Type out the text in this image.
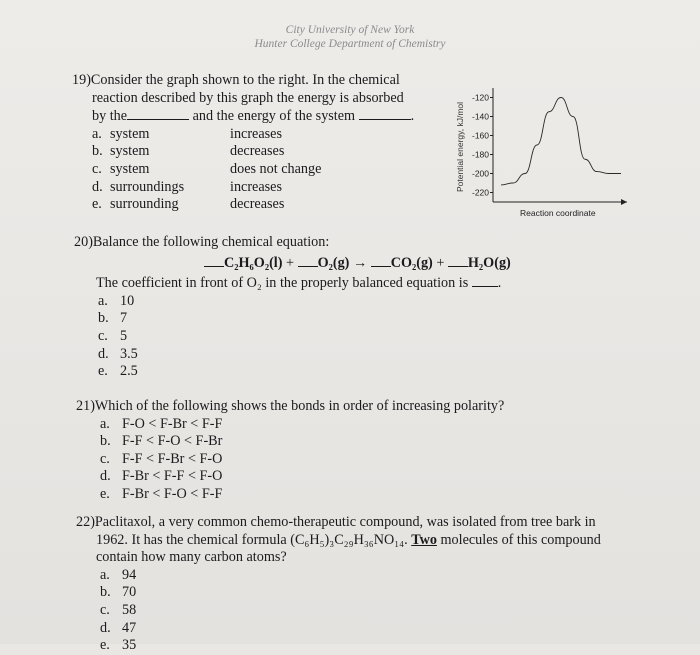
City University of New York
Hunter College Department of Chemistry
19)Consider the graph shown to the right. In the chemical
reaction described by this graph the energy is absorbed
by the	and the energy of the system	.
a. system	increases
b. system	decreases
c. system	does not change
d. surroundings	increases
e. surrounding	decreases
Potential energy, kJ/mol
-120
-140
-160
-180
-200
-220
Reaction coordinate
20)Balance the following chemical equation:
C₂H₆O₂(l) + O₂(g) → CO₂(g) + H₂O(g)
The coefficient in front of O₂ in the properly balanced equation is .
a. 10
b. 7
c. 5
d. 3.5
e. 2.5
21)Which of the following shows the bonds in order of increasing polarity?
a. F-O < F-Br < F-F
b. F-F < F-O < F-Br
c. F-F < F-Br < F-O
d. F-Br < F-F < F-O
e. F-Br < F-O < F-F
22)Paclitaxol, a very common chemo-therapeutic compound, was isolated from tree bark in
1962. It has the chemical formula (C₆H₅)₃C₂₉H₃₆NO₁₄. Two molecules of this compound
contain how many carbon atoms?
a. 94
b. 70
c. 58
d. 47
e. 35
